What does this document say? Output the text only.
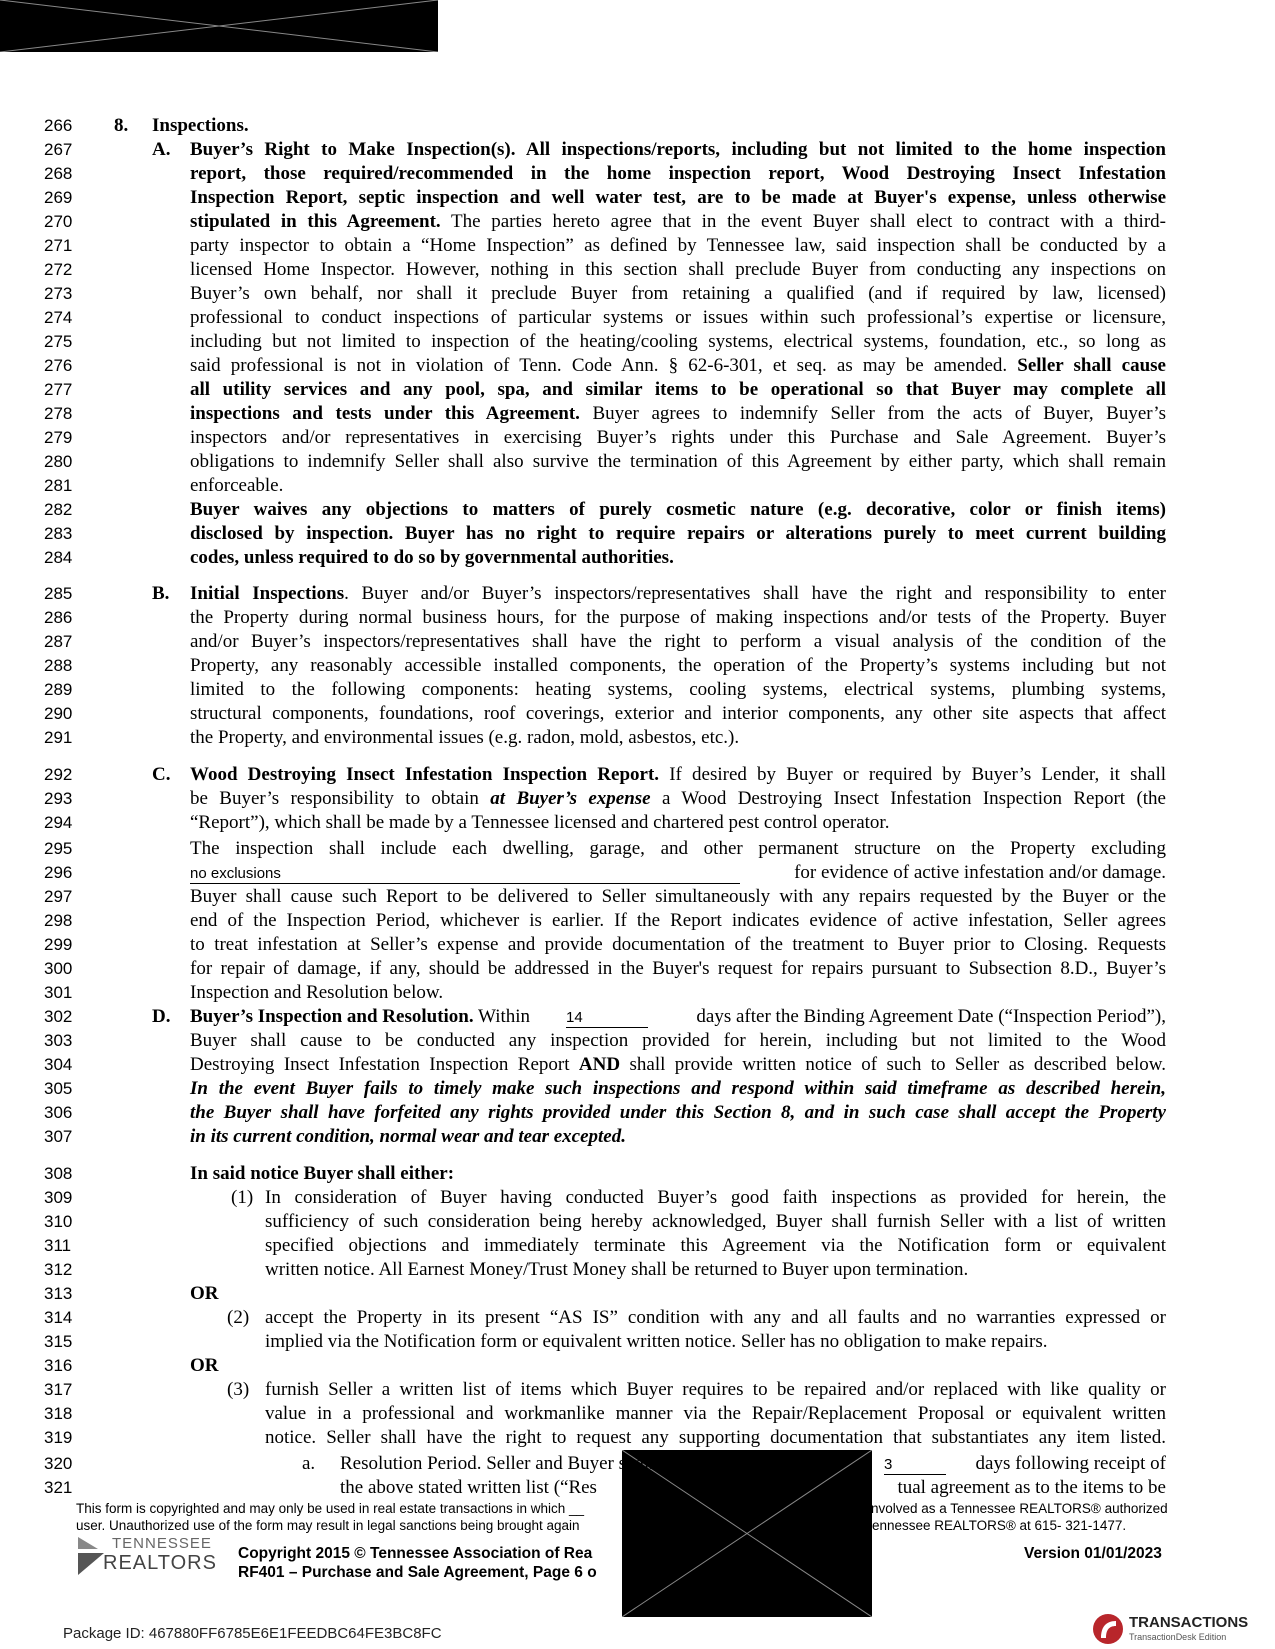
266
267
268
269
270
271
272
273
274
275
276
277
278
279
280
281
282
283
284
285
286
287
288
289
290
291
292
293
294
295
296
297
298
299
300
301
302
303
304
305
306
307
308
309
310
311
312
313
314
315
316
317
318
319
320
321
8. Inspections.
A. Buyer’s Right to Make Inspection(s). All inspections/reports, including but not limited to the home inspection
report, those required/recommended in the home inspection report, Wood Destroying Insect Infestation
Inspection Report, septic inspection and well water test, are to be made at Buyer's expense, unless otherwise
stipulated in this Agreement. The parties hereto agree that in the event Buyer shall elect to contract with a third-
party inspector to obtain a “Home Inspection” as defined by Tennessee law, said inspection shall be conducted by a
licensed Home Inspector. However, nothing in this section shall preclude Buyer from conducting any inspections on
Buyer’s own behalf, nor shall it preclude Buyer from retaining a qualified (and if required by law, licensed)
professional to conduct inspections of particular systems or issues within such professional’s expertise or licensure,
including but not limited to inspection of the heating/cooling systems, electrical systems, foundation, etc., so long as
said professional is not in violation of Tenn. Code Ann. § 62-6-301, et seq. as may be amended. Seller shall cause
all utility services and any pool, spa, and similar items to be operational so that Buyer may complete all
inspections and tests under this Agreement. Buyer agrees to indemnify Seller from the acts of Buyer, Buyer’s
inspectors and/or representatives in exercising Buyer’s rights under this Purchase and Sale Agreement. Buyer’s
obligations to indemnify Seller shall also survive the termination of this Agreement by either party, which shall remain
enforceable.
Buyer waives any objections to matters of purely cosmetic nature (e.g. decorative, color or finish items)
disclosed by inspection. Buyer has no right to require repairs or alterations purely to meet current building
codes, unless required to do so by governmental authorities.
B. Initial Inspections. Buyer and/or Buyer’s inspectors/representatives shall have the right and responsibility to enter
the Property during normal business hours, for the purpose of making inspections and/or tests of the Property. Buyer
and/or Buyer’s inspectors/representatives shall have the right to perform a visual analysis of the condition of the
Property, any reasonably accessible installed components, the operation of the Property’s systems including but not
limited to the following components: heating systems, cooling systems, electrical systems, plumbing systems,
structural components, foundations, roof coverings, exterior and interior components, any other site aspects that affect
the Property, and environmental issues (e.g. radon, mold, asbestos, etc.).
C. Wood Destroying Insect Infestation Inspection Report. If desired by Buyer or required by Buyer’s Lender, it shall
be Buyer’s responsibility to obtain at Buyer’s expense a Wood Destroying Insect Infestation Inspection Report (the
“Report”), which shall be made by a Tennessee licensed and chartered pest control operator.
The inspection shall include each dwelling, garage, and other permanent structure on the Property excluding
no exclusions	for evidence of active infestation and/or damage.
Buyer shall cause such Report to be delivered to Seller simultaneously with any repairs requested by the Buyer or the
end of the Inspection Period, whichever is earlier. If the Report indicates evidence of active infestation, Seller agrees
to treat infestation at Seller’s expense and provide documentation of the treatment to Buyer prior to Closing. Requests
for repair of damage, if any, should be addressed in the Buyer's request for repairs pursuant to Subsection 8.D., Buyer’s
Inspection and Resolution below.
D. Buyer’s Inspection and Resolution. Within 14	days after the Binding Agreement Date (“Inspection Period”),
Buyer shall cause to be conducted any inspection provided for herein, including but not limited to the Wood
Destroying Insect Infestation Inspection Report AND shall provide written notice of such to Seller as described below.
In the event Buyer fails to timely make such inspections and respond within said timeframe as described herein,
the Buyer shall have forfeited any rights provided under this Section 8, and in such case shall accept the Property
in its current condition, normal wear and tear excepted.
In said notice Buyer shall either:
(1) In consideration of Buyer having conducted Buyer’s good faith inspections as provided for herein, the
sufficiency of such consideration being hereby acknowledged, Buyer shall furnish Seller with a list of written
specified objections and immediately terminate this Agreement via the Notification form or equivalent
written notice. All Earnest Money/Trust Money shall be returned to Buyer upon termination.
OR
(2) accept the Property in its present “AS IS” condition with any and all faults and no warranties expressed or
implied via the Notification form or equivalent written notice. Seller has no obligation to make repairs.
OR
(3) furnish Seller a written list of items which Buyer requires to be repaired and/or replaced with like quality or
value in a professional and workmanlike manner via the Repair/Replacement Proposal or equivalent written
notice. Seller shall have the right to request any supporting documentation that substantiates any item listed.
a. Resolution Period. Seller and Buyer shall then have a period of	3	days following receipt of
the above stated written list (“Res	tual agreement as to the items to be
This form is copyrighted and may only be used in real estate transactions in which __	involved as a Tennessee REALTORS® authorized
user. Unauthorized use of the form may result in legal sanctions being brought again	ennessee REALTORS® at 615- 321-1477.
TENNESSEE
REALTORS Copyright 2015 © Tennessee Association of Rea
RF401 – Purchase and Sale Agreement, Page 6 o
Version 01/01/2023
Package ID: 467880FF6785E6E1FEEDBC64FE3BC8FC
TRANSACTIONS
TransactionDesk Edition
